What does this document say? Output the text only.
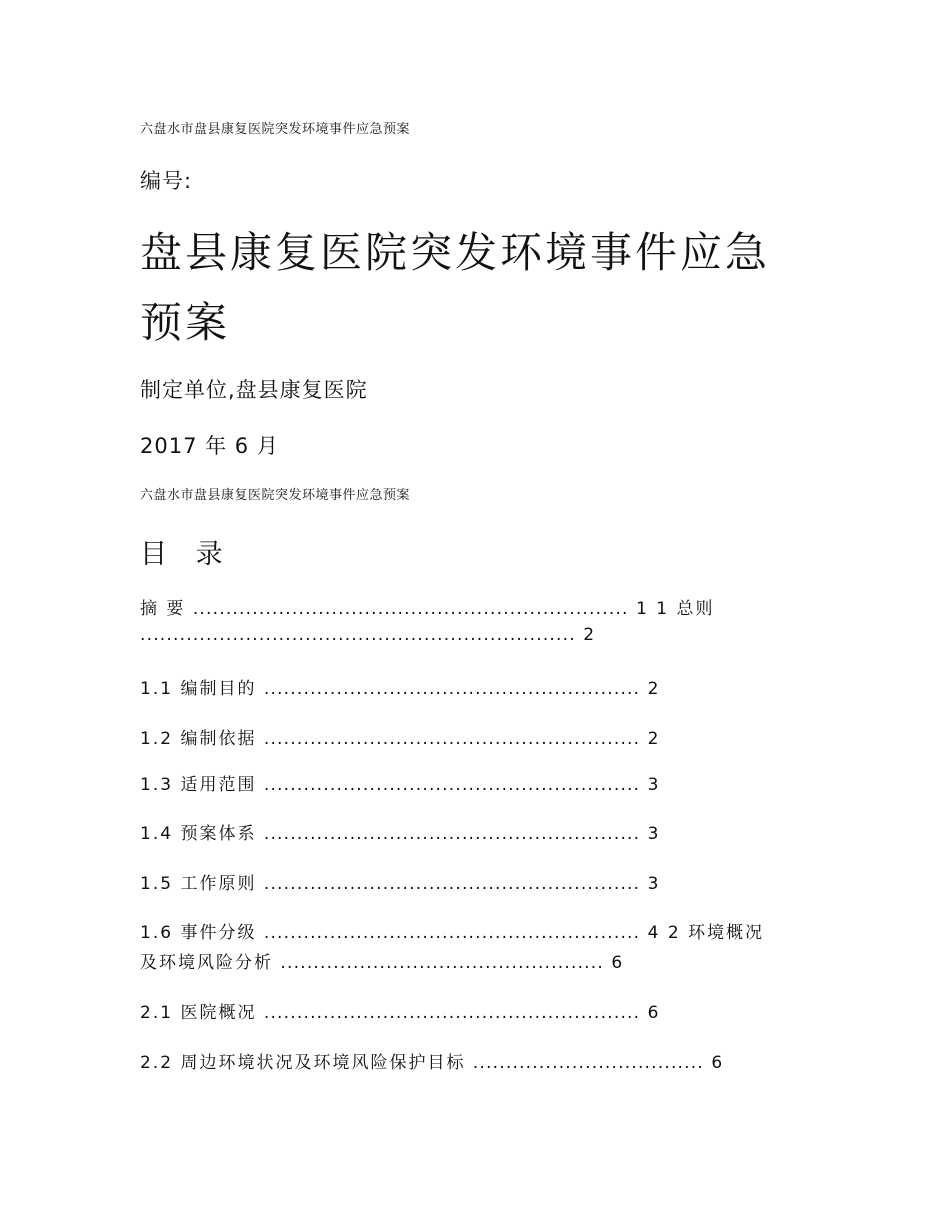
六盘水市盘县康复医院突发环境事件应急预案
编号:
盘县康复医院突发环境事件应急
预案
制定单位,盘县康复医院
2017 年 6 月
六盘水市盘县康复医院突发环境事件应急预案
目 录
摘 要 .................................................................. 1 1 总则
.................................................................. 2
1.1 编制目的 ......................................................... 2
1.2 编制依据 ......................................................... 2
1.3 适用范围 ......................................................... 3
1.4 预案体系 ......................................................... 3
1.5 工作原则 ......................................................... 3
1.6 事件分级 ......................................................... 4 2 环境概况
及环境风险分析 ................................................. 6
2.1 医院概况 ......................................................... 6
2.2 周边环境状况及环境风险保护目标 ................................... 6
